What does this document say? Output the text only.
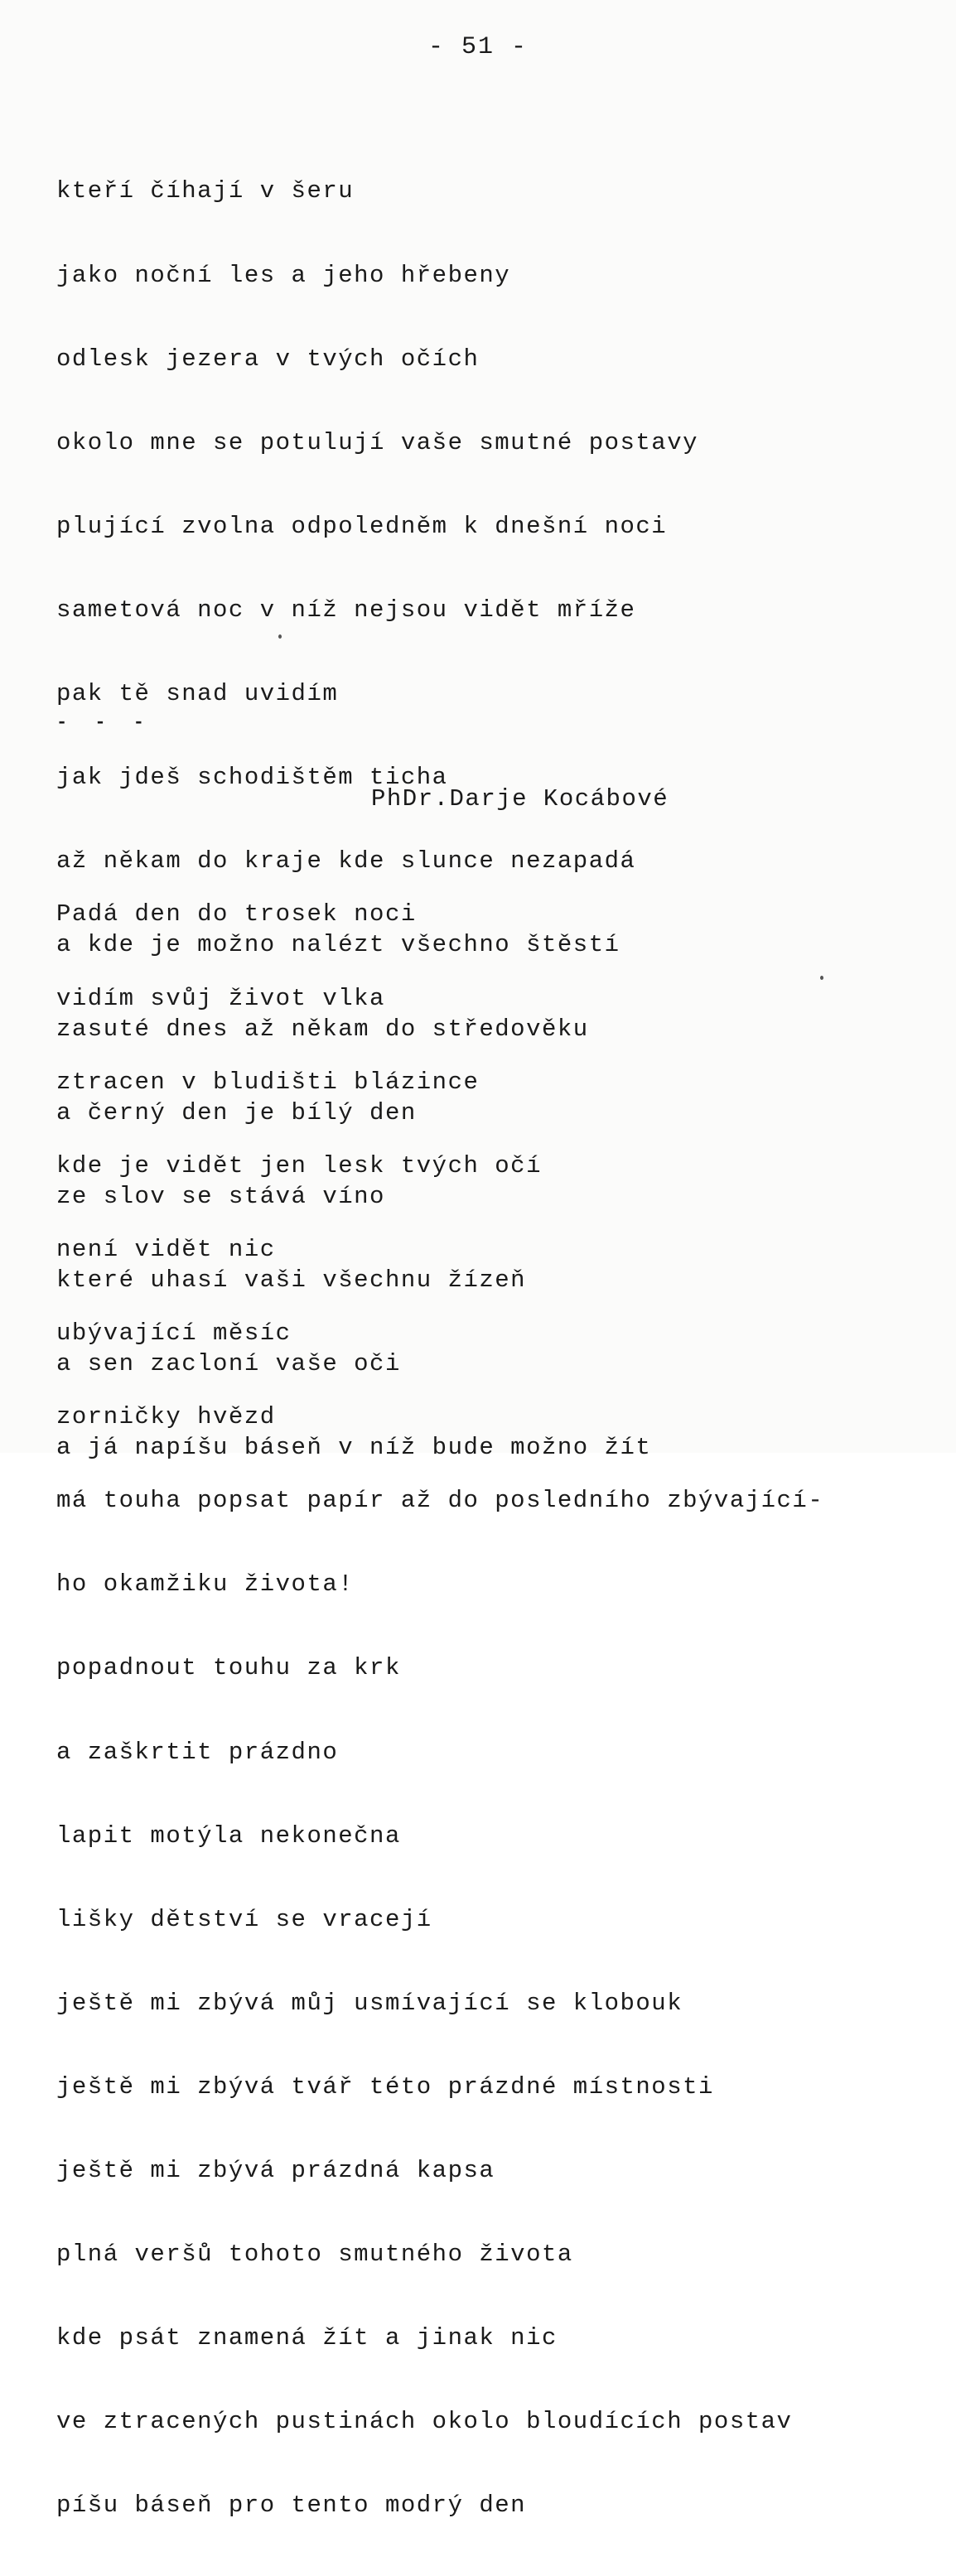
- 51 -

kteří číhají v šeru

jako noční les a jeho hřebeny

odlesk jezera v tvých očích

okolo mne se potulují vaše smutné postavy

plující zvolna odpoledněm k dnešní noci

sametová noc v níž nejsou vidět mříže

pak tě snad uvidím

jak jdeš schodištěm ticha

až někam do kraje kde slunce nezapadá

a kde je možno nalézt všechno štěstí

zasuté dnes až někam do středověku

a černý den je bílý den

ze slov se stává víno

které uhasí vaši všechnu žízeň

a sen zacloní vaše oči

a já napíšu báseň v níž bude možno žít

- - -
PhDr.Darje Kocábové

Padá den do trosek noci

vidím svůj život vlka

ztracen v bludišti blázince

kde je vidět jen lesk tvých očí

není vidět nic

ubývající měsíc

zorničky hvězd

má touha popsat papír až do posledního zbývající-

ho okamžiku života!

popadnout touhu za krk

a zaškrtit prázdno

lapit motýla nekonečna

lišky dětství se vracejí

ještě mi zbývá můj usmívající se klobouk

ještě mi zbývá tvář této prázdné místnosti

ještě mi zbývá prázdná kapsa

plná veršů tohoto smutného života

kde psát znamená žít a jinak nic

ve ztracených pustinách okolo bloudících postav

píšu báseň pro tento modrý den
